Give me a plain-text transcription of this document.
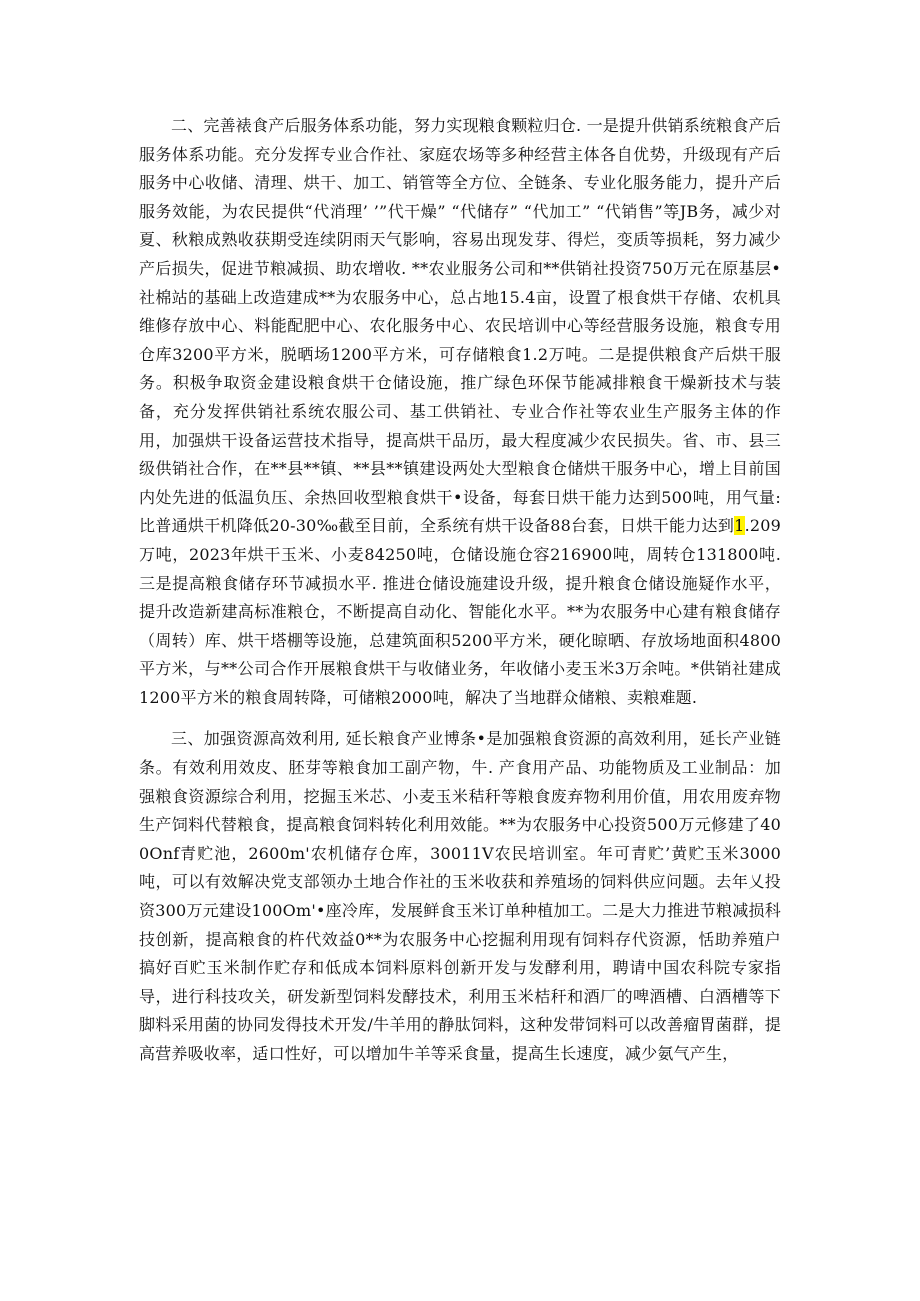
二、完善裱食产后服务体系功能，努力实现粮食颗粒归仓. 一是提升供销系统粮食产后服务体系功能。充分发挥专业合作社、家庭农场等多种经营主体各自优势，升级现有产后服务中心收储、清理、烘干、加工、销管等全方位、全链条、专业化服务能力，提升产后服务效能，为农民提供“代消理’ ’”代干燥” “代储存” “代加工” “代销售”等JB务，减少对夏、秋粮成熟收获期受连续阴雨天气影响，容易出现发芽、得烂，变质等损耗，努力减少产后损失，促进节粮减损、助农增收. **农业服务公司和**供销社投资750万元在原基层•社棉站的基础上改造建成**为农服务中心，总占地15.4亩，设置了根食烘干存储、农机具维修存放中心、料能配肥中心、农化服务中心、农民培训中心等经营服务设施，粮食专用仓库3200平方米，脱晒场1200平方米，可存储粮食1.2万吨。二是提供粮食产后烘干服务。积极争取资金建设粮食烘干仓储设施，推广绿色环保节能减排粮食干燥新技术与装备，充分发挥供销社系统农服公司、基工供销社、专业合作社等农业生产服务主体的作用，加强烘干设备运营技术指导，提高烘干品历，最大程度减少农民损失。省、市、县三级供销社合作，在**县**镇、**县**镇建设两处大型粮食仓储烘干服务中心，增上目前国内处先进的低温负压、余热回收型粮食烘干•设备，每套日烘干能力达到500吨，用气量:比普通烘干机降低20-30‰截至目前，全系统有烘干设备88台套，日烘干能力达到1.209万吨，2023年烘干玉米、小麦84250吨，仓储设施仓容216900吨，周转仓131800吨. 三是提高粮食储存环节减损水平. 推进仓储设施建设升级，提升粮食仓储设施疑作水平，提升改造新建高标准粮仓，不断提高自动化、智能化水平。**为农服务中心建有粮食储存（周转）库、烘干塔棚等设施，总建筑面积5200平方米，硬化晾晒、存放场地面积4800平方米，与**公司合作开展粮食烘干与收储业务，年收储小麦玉米3万余吨。*供销社建成1200平方米的粮食周转降，可储粮2000吨，解决了当地群众储粮、卖粮难题.

三、加强资源高效利用, 延长粮食产业博条•是加强粮食资源的高效利用，延长产业链条。有效利用效皮、胚芽等粮食加工副产物，牛. 产食用产品、功能物质及工业制品：加强粮食资源综合利用，挖掘玉米芯、小麦玉米秸秆等粮食废弃物利用价值，用农用废弃物生产饲料代替粮食，提高粮食饲料转化利用效能。**为农服务中心投资500万元修建了400Onf青贮池，2600m'农机储存仓库，30011V农民培训室。年可青贮’黄贮玉米3000吨，可以有效解决党支部领办土地合作社的玉米收获和养殖场的饲料供应问题。去年乂投资300万元建设100Om'•座冷库，发展鲜食玉米订单种植加工。二是大力推进节粮减损科技创新，提高粮食的杵代效益0**为农服务中心挖掘利用现有饲料存代资源，恬助养殖户搞好百贮玉米制作贮存和低成本饲料原料创新开发与发酵利用，聘请中国农科院专家指导，进行科技攻关，研发新型饲料发酵技术，利用玉米桔秆和酒厂的啤酒槽、白酒槽等下脚料采用菌的协同发得技术开发/牛羊用的静肽饲料，这种发带饲料可以改善瘤胃菌群，提高营养吸收率，适口性好，可以增加牛羊等采食量，提高生长速度，减少氨气产生，
